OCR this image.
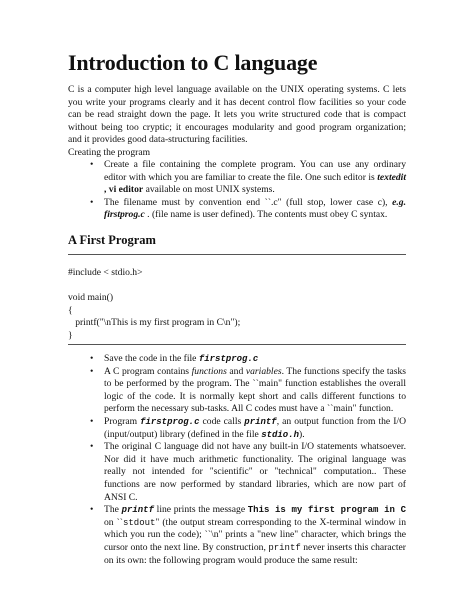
Introduction to C language

C is a computer high level language available on the UNIX operating systems. C lets you write your programs clearly and it has decent control flow facilities so your code can be read straight down the page. It lets you write structured code that is compact without being too cryptic; it encourages modularity and good program organization; and it provides good data-structuring facilities.

Creating the program

• Create a file containing the complete program. You can use any ordinary editor with which you are familiar to create the file. One such editor is textedit , vi editor available on most UNIX systems.
• The filename must by convention end ``.c" (full stop, lower case c), e.g. firstprog.c . (file name is user defined). The contents must obey C syntax.
A First Program
#include < stdio.h>
void main()
{
printf("\nThis is my first program in C\n");
}
• Save the code in the file firstprog.c
• A C program contains functions and variables. The functions specify the tasks to be performed by the program. The ``main" function establishes the overall logic of the code. It is normally kept short and calls different functions to perform the necessary sub-tasks. All C codes must have a ``main" function.
• Program firstprog.c code calls printf, an output function from the I/O (input/output) library (defined in the file stdio.h).
• The original C language did not have any built-in I/O statements whatsoever. Nor did it have much arithmetic functionality. The original language was really not intended for "scientific" or "technical" computation.. These functions are now performed by standard libraries, which are now part of ANSI C.
• The printf line prints the message This is my first program in C on ``stdout" (the output stream corresponding to the X-terminal window in which you run the code); ``\n" prints a "new line" character, which brings the cursor onto the next line. By construction, printf never inserts this character on its own: the following program would produce the same result:
